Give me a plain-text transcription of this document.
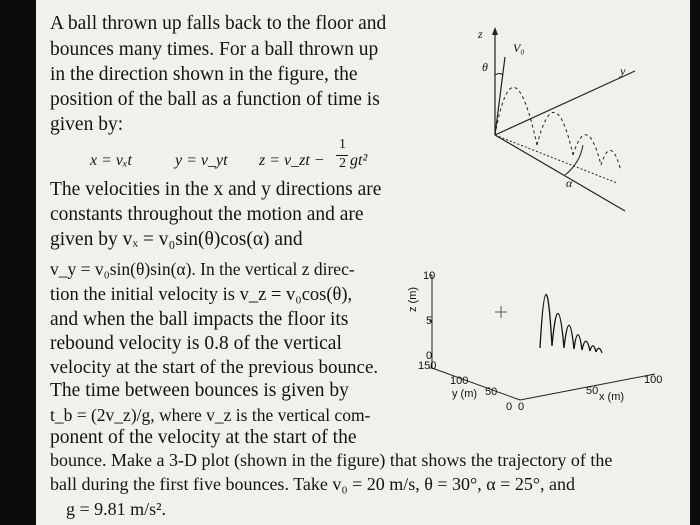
A ball thrown up falls back to the floor and
bounces many times. For a ball thrown up
in the direction shown in the figure, the
position of the ball as a function of time is
given by:
x = vₓt	y = v_yt z = v_zt −
1
2 gt²
The velocities in the x and y directions are
constants throughout the motion and are
given by vₓ = v₀sin(θ)cos(α) and
v_y = v₀sin(θ)sin(α). In the vertical z direc-
tion the initial velocity is v_z = v₀cos(θ),
and when the ball impacts the floor its
rebound velocity is 0.8 of the vertical
velocity at the start of the previous bounce.
The time between bounces is given by
t_b = (2v_z)/g, where v_z is the vertical com-
ponent of the velocity at the start of the
bounce. Make a 3-D plot (shown in the figure) that shows the trajectory of the
ball during the first five bounces. Take v₀ = 20 m/s, θ = 30°, α = 25°, and
g = 9.81 m/s².
z
V₀
θ	y
α
z (m)
10
5
0
150
100
y (m) 50
0 0
50 x (m)
100
